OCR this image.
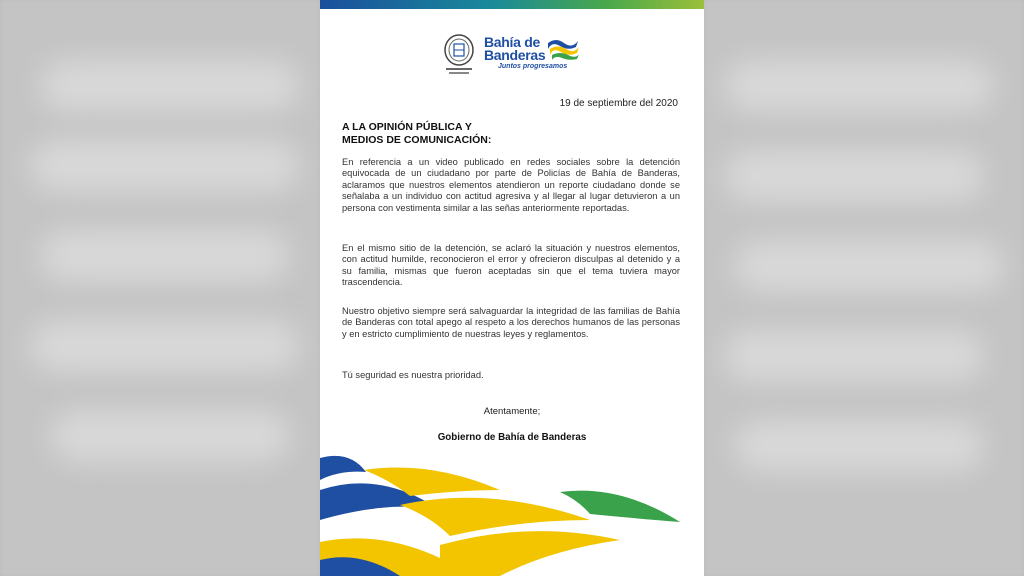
Bahía de
Banderas
Juntos progresamos
19 de septiembre del 2020
A LA OPINIÓN PÚBLICA Y
MEDIOS DE COMUNICACIÓN:

En referencia a un video publicado en redes sociales sobre la detención equivocada de un ciudadano por parte de Policías de Bahía de Banderas, aclaramos que nuestros elementos atendieron un reporte ciudadano donde se señalaba a un individuo con actitud agresiva y al llegar al lugar detuvieron a un persona con vestimenta similar a las señas anteriormente reportadas.

En el mismo sitio de la detención, se aclaró la situación y nuestros elementos, con actitud humilde, reconocieron el error y ofrecieron disculpas al detenido y a su familia, mismas que fueron aceptadas sin que el tema tuviera mayor trascendencia.

Nuestro objetivo siempre será salvaguardar la integridad de las familias de Bahía de Banderas con total apego al respeto a los derechos humanos de las personas y en estricto cumplimiento de nuestras leyes y reglamentos.

Tú seguridad es nuestra prioridad.

Atentamente;
Gobierno de Bahía de Banderas
